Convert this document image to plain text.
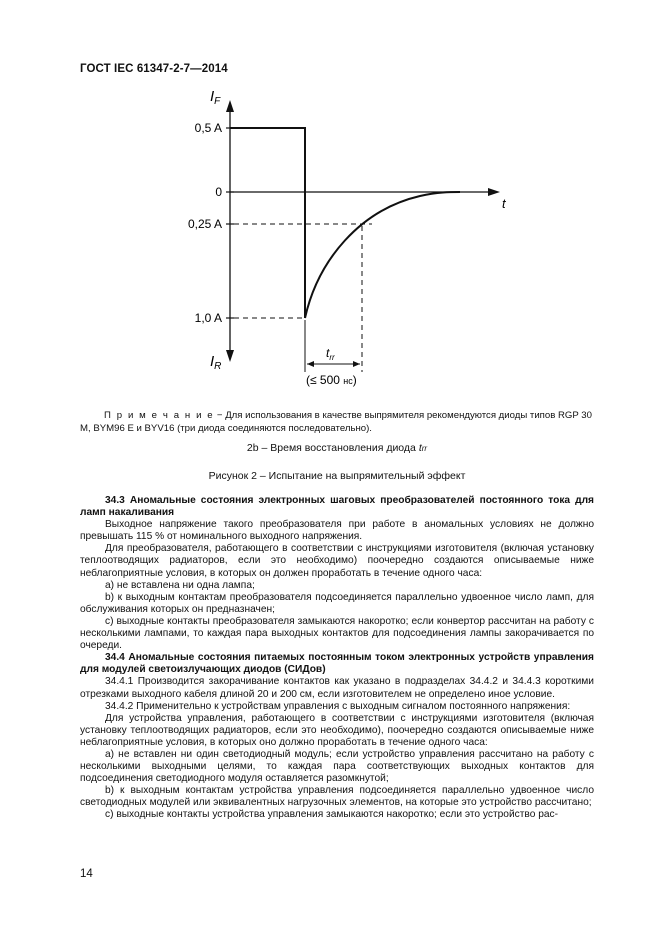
ГОСТ IEC 61347-2-7—2014
$I_F$
$I_R$
t
0,5 A
0
0,25 A
1,0 A
$t_{rr}$
(≤ 500 нс)
П р и м е ч а н и е − Для использования в качестве выпрямителя рекомендуются диоды типов RGP 30 M, BYM96 E и BYV16 (три диода соединяются последовательно).
2b – Время восстановления диода trr
Рисунок 2 – Испытание на выпрямительный эффект

34.3 Аномальные состояния электронных шаговых преобразователей постоянного тока для ламп накаливания

Выходное напряжение такого преобразователя при работе в аномальных условиях не должно превышать 115 % от номинального выходного напряжения.

Для преобразователя, работающего в соответствии с инструкциями изготовителя (включая установку теплоотводящих радиаторов, если это необходимо) поочередно создаются описываемые ниже неблагоприятные условия, в которых он должен проработать в течение одного часа:

a) не вставлена ни одна лампа;

b) к выходным контактам преобразователя подсоединяется параллельно удвоенное число ламп, для обслуживания которых он предназначен;

c) выходные контакты преобразователя замыкаются накоротко; если конвертор рассчитан на работу с несколькими лампами, то каждая пара выходных контактов для подсоединения лампы закорачивается по очереди.

34.4 Аномальные состояния питаемых постоянным током электронных устройств управления для модулей светоизлучающих диодов (СИДов)

34.4.1 Производится закорачивание контактов как указано в подразделах 34.4.2 и 34.4.3 короткими отрезками выходного кабеля длиной 20 и 200 см, если изготовителем не определено иное условие.

34.4.2 Применительно к устройствам управления с выходным сигналом постоянного напряжения:

Для устройства управления, работающего в соответствии с инструкциями изготовителя (включая установку теплоотводящих радиаторов, если это необходимо), поочередно создаются описываемые ниже неблагоприятные условия, в которых оно должно проработать в течение одного часа:

a) не вставлен ни один светодиодный модуль; если устройство управления рассчитано на работу с несколькими выходными целями, то каждая пара соответствующих выходных контактов для подсоединения светодиодного модуля оставляется разомкнутой;

b) к выходным контактам устройства управления подсоединяется параллельно удвоенное число светодиодных модулей или эквивалентных нагрузочных элементов, на которые это устройство рассчитано;

c) выходные контакты устройства управления замыкаются накоротко; если это устройство рас-

14
